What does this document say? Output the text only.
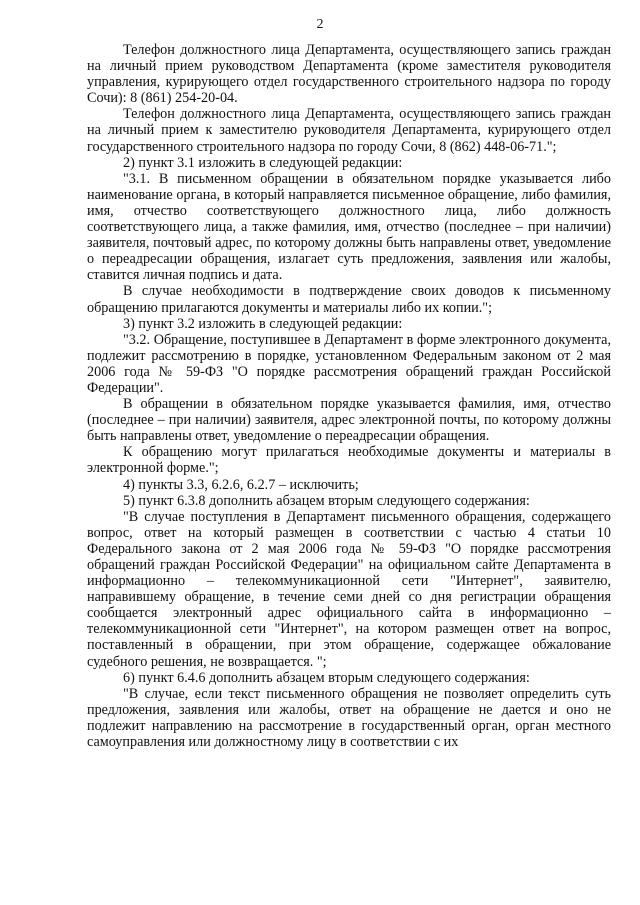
2

Телефон должностного лица Департамента, осуществляющего запись граждан на личный прием руководством Департамента (кроме заместителя руководителя управления, курирующего отдел государственного строительного надзора по городу Сочи): 8 (861) 254-20-04.

Телефон должностного лица Департамента, осуществляющего запись граждан на личный прием к заместителю руководителя Департамента, курирующего отдел государственного строительного надзора по городу Сочи, 8 (862) 448-06-71.";

2) пункт 3.1 изложить в следующей редакции:

"3.1. В письменном обращении в обязательном порядке указывается либо наименование органа, в который направляется письменное обращение, либо фамилия, имя, отчество соответствующего должностного лица, либо должность соответствующего лица, а также фамилия, имя, отчество (последнее – при наличии) заявителя, почтовый адрес, по которому должны быть направлены ответ, уведомление о переадресации обращения, излагает суть предложения, заявления или жалобы, ставится личная подпись и дата.

В случае необходимости в подтверждение своих доводов к письменному обращению прилагаются документы и материалы либо их копии.";

3) пункт 3.2 изложить в следующей редакции:

"3.2. Обращение, поступившее в Департамент в форме электронного документа, подлежит рассмотрению в порядке, установленном Федеральным законом от 2 мая 2006 года № 59-ФЗ "О порядке рассмотрения обращений граждан Российской Федерации".

В обращении в обязательном порядке указывается фамилия, имя, отчество (последнее – при наличии) заявителя, адрес электронной почты, по которому должны быть направлены ответ, уведомление о переадресации обращения.

К обращению могут прилагаться необходимые документы и материалы в электронной форме.";

4) пункты 3.3, 6.2.6, 6.2.7 – исключить;

5) пункт 6.3.8 дополнить абзацем вторым следующего содержания:

"В случае поступления в Департамент письменного обращения, содержащего вопрос, ответ на который размещен в соответствии с частью 4 статьи 10 Федерального закона от 2 мая 2006 года № 59-ФЗ "О порядке рассмотрения обращений граждан Российской Федерации" на официальном сайте Департамента в информационно – телекоммуникационной сети "Интернет", заявителю, направившему обращение, в течение семи дней со дня регистрации обращения сообщается электронный адрес официального сайта в информационно – телекоммуникационной сети "Интернет", на котором размещен ответ на вопрос, поставленный в обращении, при этом обращение, содержащее обжалование судебного решения, не возвращается. ";

6) пункт 6.4.6 дополнить абзацем вторым следующего содержания:

"В случае, если текст письменного обращения не позволяет определить суть предложения, заявления или жалобы, ответ на обращение не дается и оно не подлежит направлению на рассмотрение в государственный орган, орган местного самоуправления или должностному лицу в соответствии с их
